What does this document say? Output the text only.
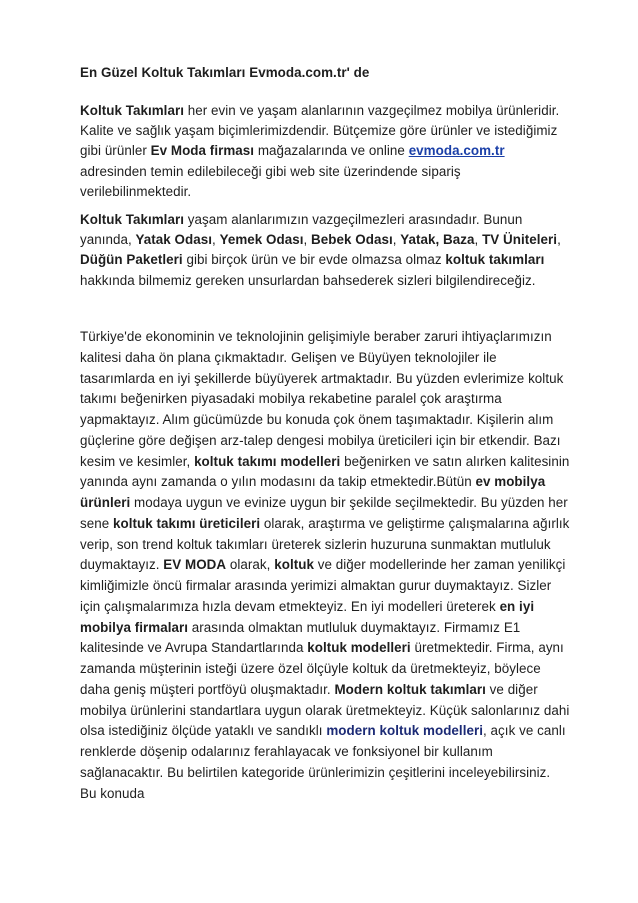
En Güzel Koltuk Takımları Evmoda.com.tr' de

Koltuk Takımları her evin ve yaşam alanlarının vazgeçilmez mobilya ürünleridir. Kalite ve sağlık yaşam biçimlerimizdendir. Bütçemize göre ürünler ve istediğimiz gibi ürünler Ev Moda firması mağazalarında ve online evmoda.com.tr adresinden temin edilebileceği gibi web site üzerindende sipariş verilebilinmektedir.

Koltuk Takımları yaşam alanlarımızın vazgeçilmezleri arasındadır. Bunun yanında, Yatak Odası, Yemek Odası, Bebek Odası, Yatak, Baza, TV Üniteleri, Düğün Paketleri gibi birçok ürün ve bir evde olmazsa olmaz koltuk takımları hakkında bilmemiz gereken unsurlardan bahsederek sizleri bilgilendireceğiz.

Türkiye'de ekonominin ve teknolojinin gelişimiyle beraber zaruri ihtiyaçlarımızın kalitesi daha ön plana çıkmaktadır. Gelişen ve Büyüyen teknolojiler ile tasarımlarda en iyi şekillerde büyüyerek artmaktadır. Bu yüzden evlerimize koltuk takımı beğenirken piyasadaki mobilya rekabetine paralel çok araştırma yapmaktayız. Alım gücümüzde bu konuda çok önem taşımaktadır. Kişilerin alım güçlerine göre değişen arz-talep dengesi mobilya üreticileri için bir etkendir. Bazı kesim ve kesimler, koltuk takımı modelleri beğenirken ve satın alırken kalitesinin yanında aynı zamanda o yılın modasını da takip etmektedir.Bütün ev mobilya ürünleri modaya uygun ve evinize uygun bir şekilde seçilmektedir. Bu yüzden her sene koltuk takımı üreticileri olarak, araştırma ve geliştirme çalışmalarına ağırlık verip, son trend koltuk takımları üreterek sizlerin huzuruna sunmaktan mutluluk duymaktayız. EV MODA olarak, koltuk ve diğer modellerinde her zaman yenilikçi kimliğimizle öncü firmalar arasında yerimizi almaktan gurur duymaktayız. Sizler için çalışmalarımıza hızla devam etmekteyiz. En iyi modelleri üreterek en iyi mobilya firmaları arasında olmaktan mutluluk duymaktayız. Firmamız E1 kalitesinde ve Avrupa Standartlarında koltuk modelleri üretmektedir. Firma, aynı zamanda müşterinin isteği üzere özel ölçüyle koltuk da üretmekteyiz, böylece daha geniş müşteri portföyü oluşmaktadır. Modern koltuk takımları ve diğer mobilya ürünlerini standartlara uygun olarak üretmekteyiz. Küçük salonlarınız dahi olsa istediğiniz ölçüde yataklı ve sandıklı modern koltuk modelleri, açık ve canlı renklerde döşenip odalarınız ferahlayacak ve fonksiyonel bir kullanım sağlanacaktır. Bu belirtilen kategoride ürünlerimizin çeşitlerini inceleyebilirsiniz. Bu konuda
